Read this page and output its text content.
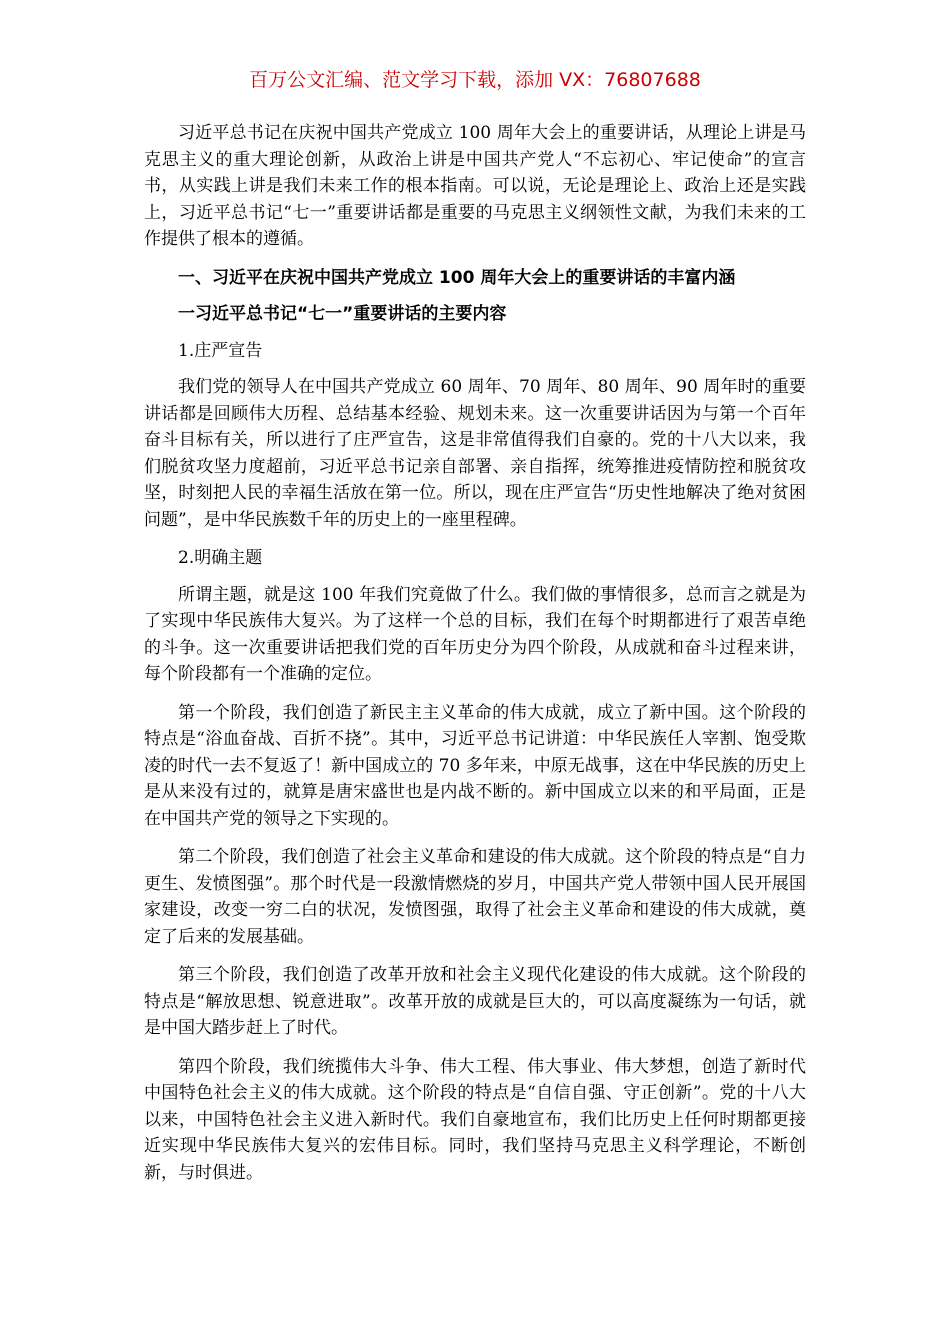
百万公文汇编、范文学习下载，添加 VX：76807688

习近平总书记在庆祝中国共产党成立 100 周年大会上的重要讲话，从理论上讲是马克思主义的重大理论创新，从政治上讲是中国共产党人“不忘初心、牢记使命”的宣言书，从实践上讲是我们未来工作的根本指南。可以说，无论是理论上、政治上还是实践上，习近平总书记“七一”重要讲话都是重要的马克思主义纲领性文献，为我们未来的工作提供了根本的遵循。

一、习近平在庆祝中国共产党成立 100 周年大会上的重要讲话的丰富内涵

一习近平总书记“七一”重要讲话的主要内容

1.庄严宣告

我们党的领导人在中国共产党成立 60 周年、70 周年、80 周年、90 周年时的重要讲话都是回顾伟大历程、总结基本经验、规划未来。这一次重要讲话因为与第一个百年奋斗目标有关，所以进行了庄严宣告，这是非常值得我们自豪的。党的十八大以来，我们脱贫攻坚力度超前，习近平总书记亲自部署、亲自指挥，统筹推进疫情防控和脱贫攻坚，时刻把人民的幸福生活放在第一位。所以，现在庄严宣告“历史性地解决了绝对贫困问题”，是中华民族数千年的历史上的一座里程碑。

2.明确主题

所谓主题，就是这 100 年我们究竟做了什么。我们做的事情很多，总而言之就是为了实现中华民族伟大复兴。为了这样一个总的目标，我们在每个时期都进行了艰苦卓绝的斗争。这一次重要讲话把我们党的百年历史分为四个阶段，从成就和奋斗过程来讲，每个阶段都有一个准确的定位。

第一个阶段，我们创造了新民主主义革命的伟大成就，成立了新中国。这个阶段的特点是“浴血奋战、百折不挠”。其中，习近平总书记讲道：中华民族任人宰割、饱受欺凌的时代一去不复返了！新中国成立的 70 多年来，中原无战事，这在中华民族的历史上是从来没有过的，就算是唐宋盛世也是内战不断的。新中国成立以来的和平局面，正是在中国共产党的领导之下实现的。

第二个阶段，我们创造了社会主义革命和建设的伟大成就。这个阶段的特点是“自力更生、发愤图强”。那个时代是一段激情燃烧的岁月，中国共产党人带领中国人民开展国家建设，改变一穷二白的状况，发愤图强，取得了社会主义革命和建设的伟大成就，奠定了后来的发展基础。

第三个阶段，我们创造了改革开放和社会主义现代化建设的伟大成就。这个阶段的特点是“解放思想、锐意进取”。改革开放的成就是巨大的，可以高度凝练为一句话，就是中国大踏步赶上了时代。

第四个阶段，我们统揽伟大斗争、伟大工程、伟大事业、伟大梦想，创造了新时代中国特色社会主义的伟大成就。这个阶段的特点是“自信自强、守正创新”。党的十八大以来，中国特色社会主义进入新时代。我们自豪地宣布，我们比历史上任何时期都更接近实现中华民族伟大复兴的宏伟目标。同时，我们坚持马克思主义科学理论，不断创新，与时俱进。
